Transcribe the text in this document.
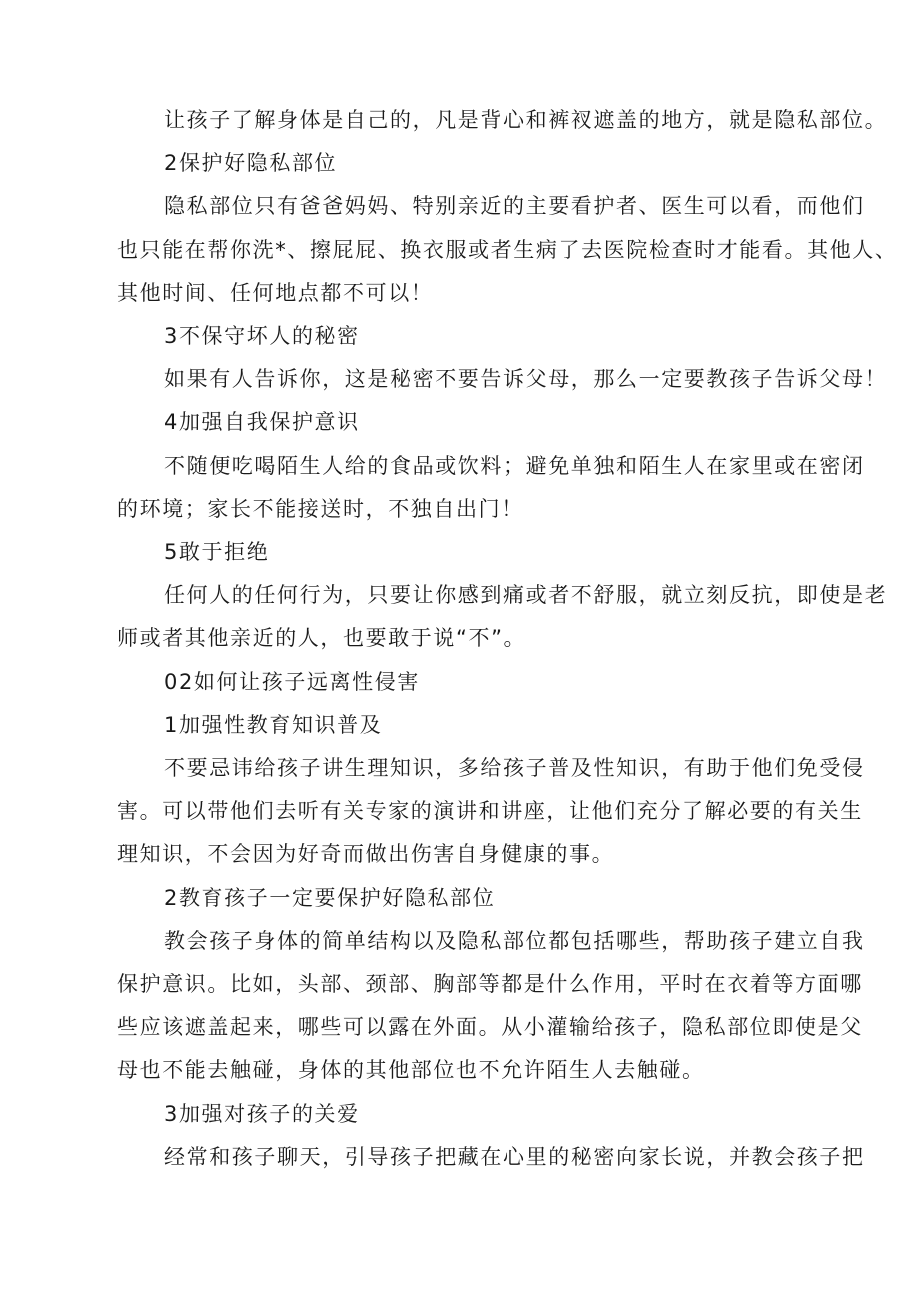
让孩子了解身体是自己的，凡是背心和裤衩遮盖的地方，就是隐私部位。
2保护好隐私部位
隐私部位只有爸爸妈妈、特别亲近的主要看护者、医生可以看，而他们
也只能在帮你洗*、擦屁屁、换衣服或者生病了去医院检查时才能看。其他人、
其他时间、任何地点都不可以！
3不保守坏人的秘密
如果有人告诉你，这是秘密不要告诉父母，那么一定要教孩子告诉父母！
4加强自我保护意识
不随便吃喝陌生人给的食品或饮料；避免单独和陌生人在家里或在密闭
的环境；家长不能接送时，不独自出门！
5敢于拒绝
任何人的任何行为，只要让你感到痛或者不舒服，就立刻反抗，即使是老
师或者其他亲近的人，也要敢于说“不”。
02如何让孩子远离性侵害
1加强性教育知识普及
不要忌讳给孩子讲生理知识，多给孩子普及性知识，有助于他们免受侵
害。可以带他们去听有关专家的演讲和讲座，让他们充分了解必要的有关生
理知识，不会因为好奇而做出伤害自身健康的事。
2教育孩子一定要保护好隐私部位
教会孩子身体的简单结构以及隐私部位都包括哪些，帮助孩子建立自我
保护意识。比如，头部、颈部、胸部等都是什么作用，平时在衣着等方面哪
些应该遮盖起来，哪些可以露在外面。从小灌输给孩子，隐私部位即使是父
母也不能去触碰，身体的其他部位也不允许陌生人去触碰。
3加强对孩子的关爱
经常和孩子聊天，引导孩子把藏在心里的秘密向家长说，并教会孩子把
